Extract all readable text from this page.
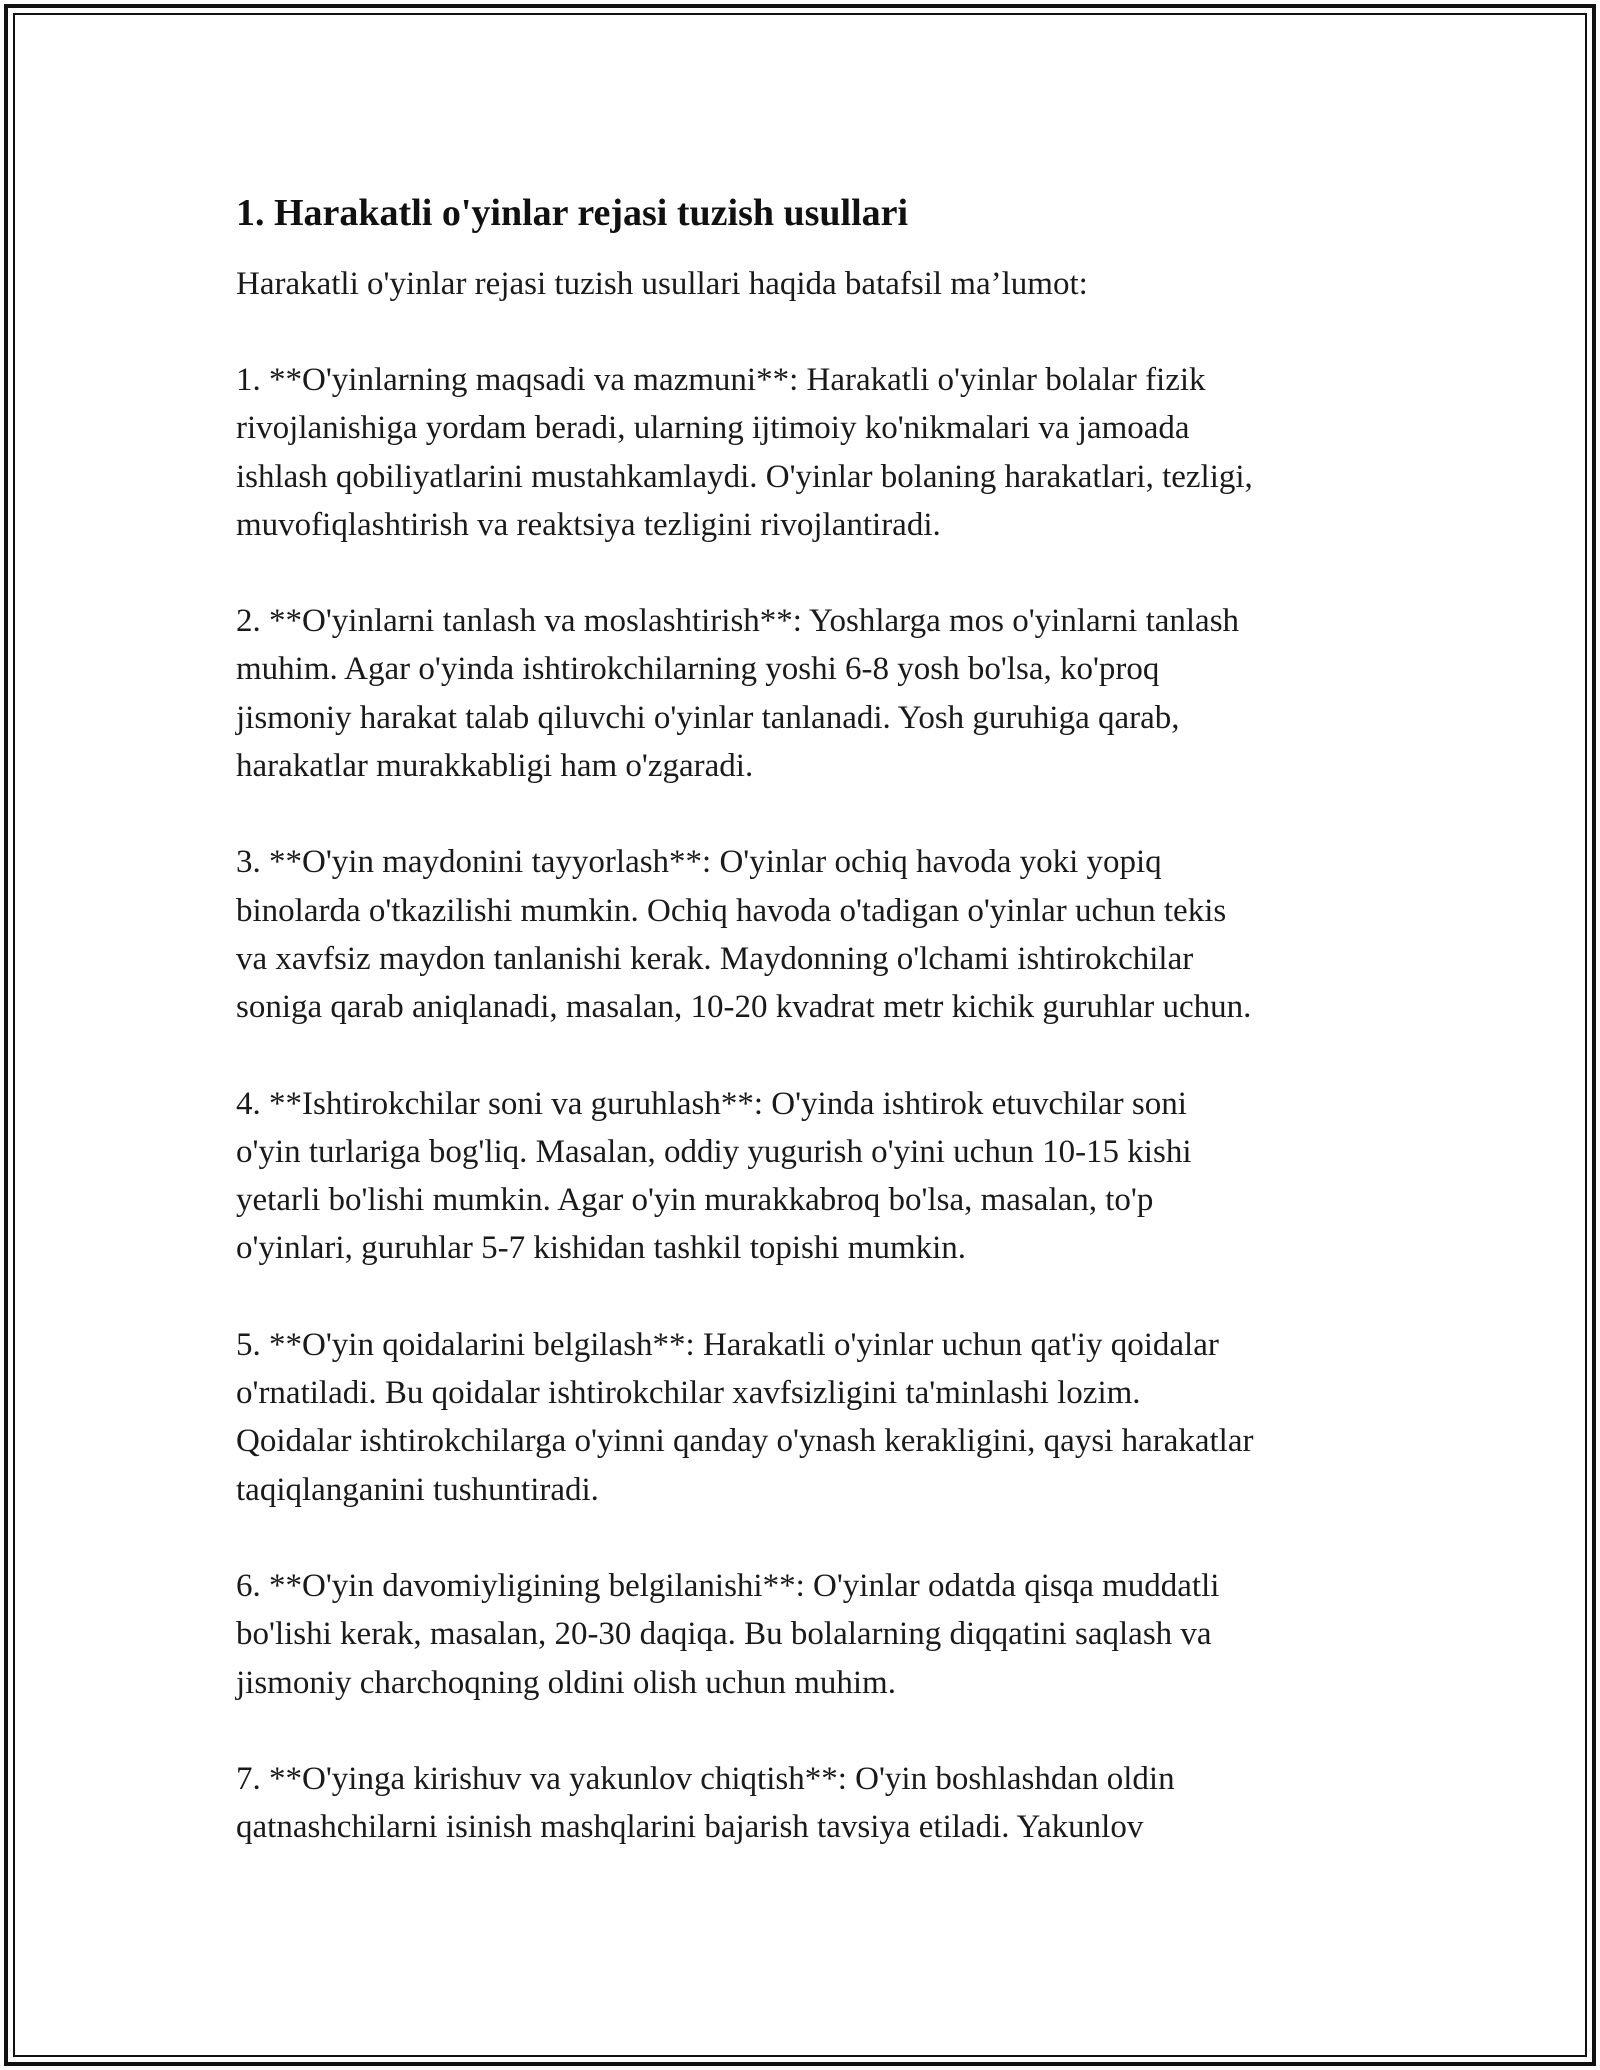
1. Harakatli o'yinlar rejasi tuzish usullari

Harakatli o'yinlar rejasi tuzish usullari haqida batafsil ma’lumot:

1. **O'yinlarning maqsadi va mazmuni**: Harakatli o'yinlar bolalar fizik
rivojlanishiga yordam beradi, ularning ijtimoiy ko'nikmalari va jamoada
ishlash qobiliyatlarini mustahkamlaydi. O'yinlar bolaning harakatlari, tezligi,
muvofiqlashtirish va reaktsiya tezligini rivojlantiradi.
2. **O'yinlarni tanlash va moslashtirish**: Yoshlarga mos o'yinlarni tanlash
muhim. Agar o'yinda ishtirokchilarning yoshi 6-8 yosh bo'lsa, ko'proq
jismoniy harakat talab qiluvchi o'yinlar tanlanadi. Yosh guruhiga qarab,
harakatlar murakkabligi ham o'zgaradi.
3. **O'yin maydonini tayyorlash**: O'yinlar ochiq havoda yoki yopiq
binolarda o'tkazilishi mumkin. Ochiq havoda o'tadigan o'yinlar uchun tekis
va xavfsiz maydon tanlanishi kerak. Maydonning o'lchami ishtirokchilar
soniga qarab aniqlanadi, masalan, 10-20 kvadrat metr kichik guruhlar uchun.
4. **Ishtirokchilar soni va guruhlash**: O'yinda ishtirok etuvchilar soni
o'yin turlariga bog'liq. Masalan, oddiy yugurish o'yini uchun 10-15 kishi
yetarli bo'lishi mumkin. Agar o'yin murakkabroq bo'lsa, masalan, to'p
o'yinlari, guruhlar 5-7 kishidan tashkil topishi mumkin.
5. **O'yin qoidalarini belgilash**: Harakatli o'yinlar uchun qat'iy qoidalar
o'rnatiladi. Bu qoidalar ishtirokchilar xavfsizligini ta'minlashi lozim.
Qoidalar ishtirokchilarga o'yinni qanday o'ynash kerakligini, qaysi harakatlar
taqiqlanganini tushuntiradi.
6. **O'yin davomiyligining belgilanishi**: O'yinlar odatda qisqa muddatli
bo'lishi kerak, masalan, 20-30 daqiqa. Bu bolalarning diqqatini saqlash va
jismoniy charchoqning oldini olish uchun muhim.
7. **O'yinga kirishuv va yakunlov chiqtish**: O'yin boshlashdan oldin
qatnashchilarni isinish mashqlarini bajarish tavsiya etiladi. Yakunlov
